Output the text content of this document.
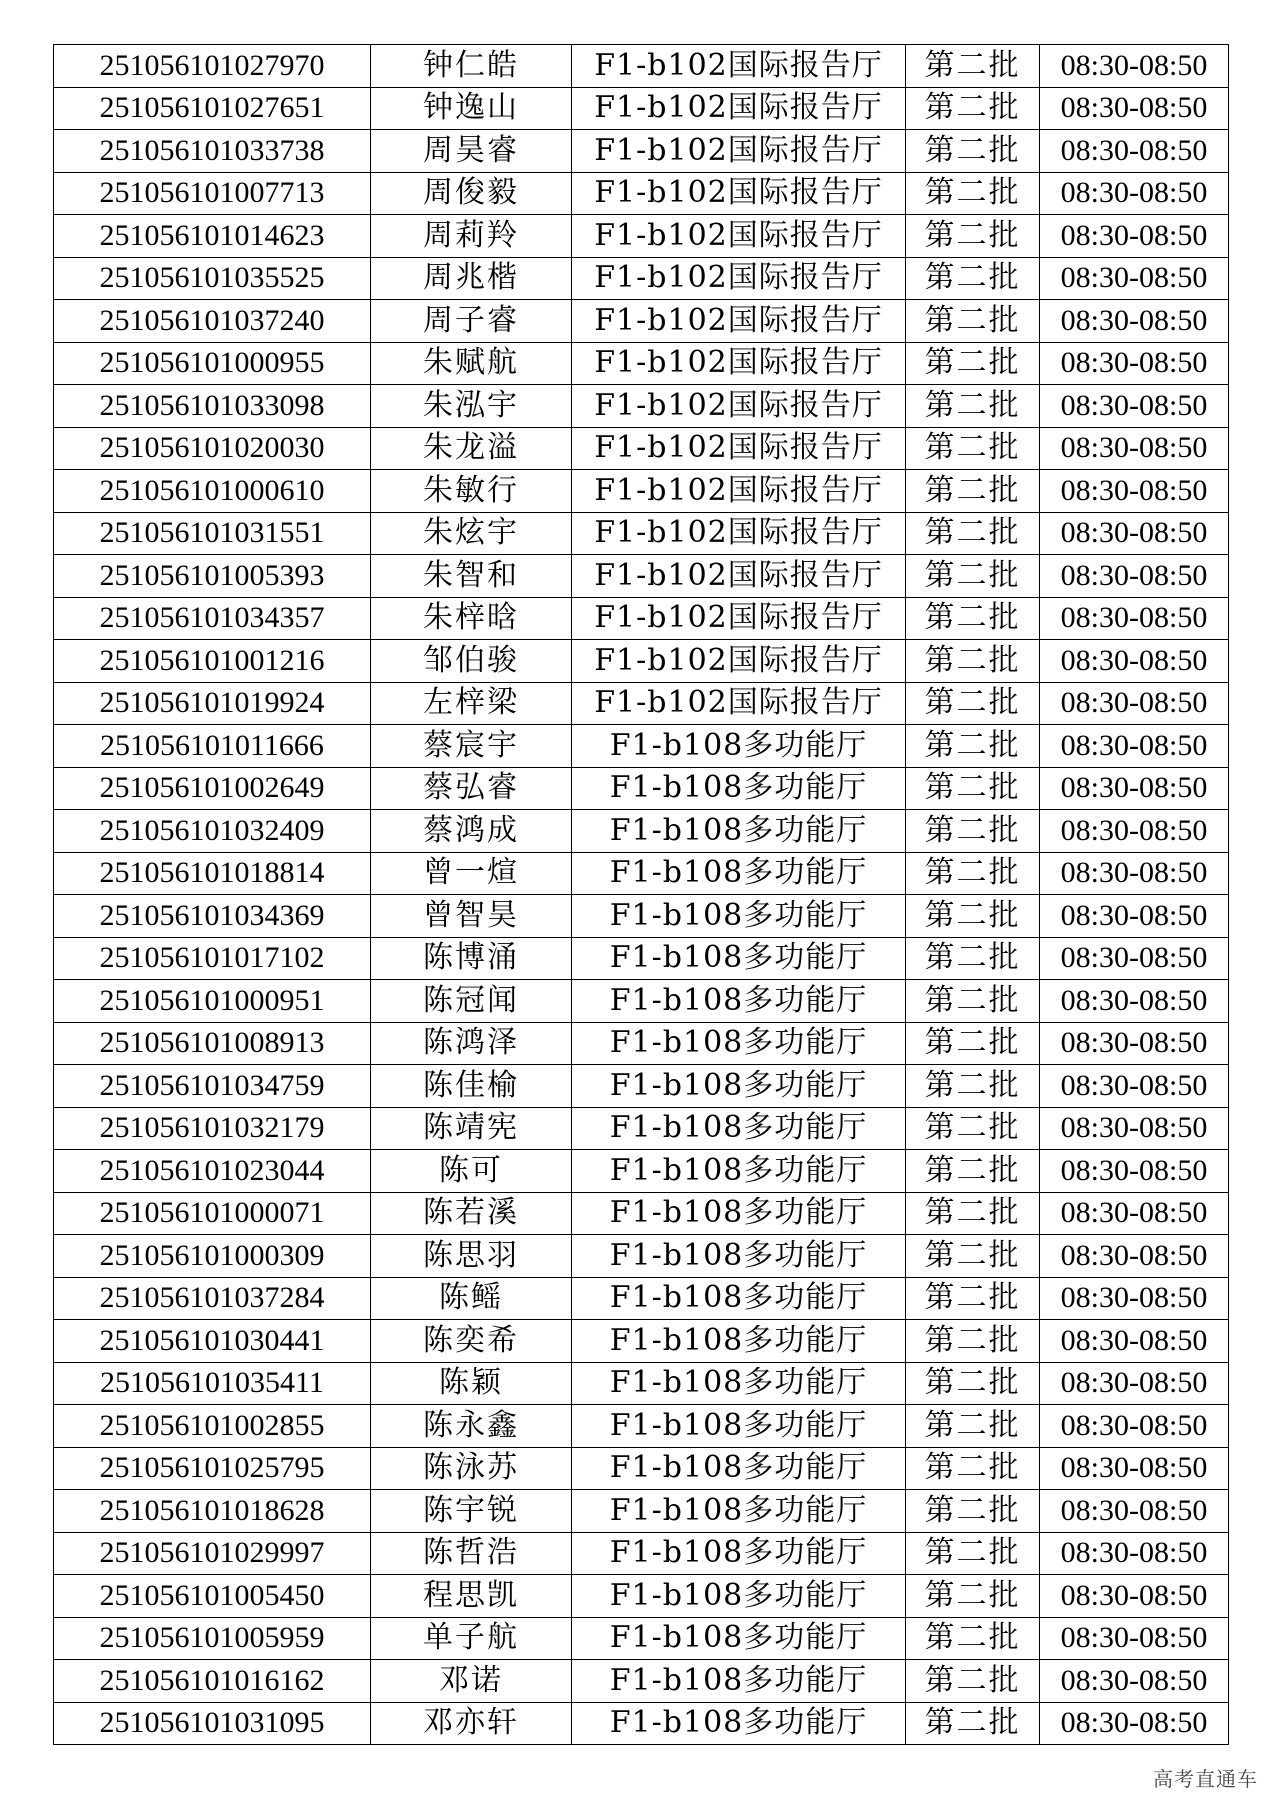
251056101027970	钟仁皓	F1-b102国际报告厅	第二批	08:30-08:50
251056101027651	钟逸山	F1-b102国际报告厅	第二批	08:30-08:50
251056101033738	周昊睿	F1-b102国际报告厅	第二批	08:30-08:50
251056101007713	周俊毅	F1-b102国际报告厅	第二批	08:30-08:50
251056101014623	周莉羚	F1-b102国际报告厅	第二批	08:30-08:50
251056101035525	周兆楷	F1-b102国际报告厅	第二批	08:30-08:50
251056101037240	周子睿	F1-b102国际报告厅	第二批	08:30-08:50
251056101000955	朱赋航	F1-b102国际报告厅	第二批	08:30-08:50
251056101033098	朱泓宇	F1-b102国际报告厅	第二批	08:30-08:50
251056101020030	朱龙溢	F1-b102国际报告厅	第二批	08:30-08:50
251056101000610	朱敏行	F1-b102国际报告厅	第二批	08:30-08:50
251056101031551	朱炫宇	F1-b102国际报告厅	第二批	08:30-08:50
251056101005393	朱智和	F1-b102国际报告厅	第二批	08:30-08:50
251056101034357	朱梓晗	F1-b102国际报告厅	第二批	08:30-08:50
251056101001216	邹伯骏	F1-b102国际报告厅	第二批	08:30-08:50
251056101019924	左梓梁	F1-b102国际报告厅	第二批	08:30-08:50
251056101011666	蔡宸宇	F1-b108多功能厅	第二批	08:30-08:50
251056101002649	蔡弘睿	F1-b108多功能厅	第二批	08:30-08:50
251056101032409	蔡鸿成	F1-b108多功能厅	第二批	08:30-08:50
251056101018814	曾一煊	F1-b108多功能厅	第二批	08:30-08:50
251056101034369	曾智昊	F1-b108多功能厅	第二批	08:30-08:50
251056101017102	陈博涌	F1-b108多功能厅	第二批	08:30-08:50
251056101000951	陈冠闻	F1-b108多功能厅	第二批	08:30-08:50
251056101008913	陈鸿泽	F1-b108多功能厅	第二批	08:30-08:50
251056101034759	陈佳榆	F1-b108多功能厅	第二批	08:30-08:50
251056101032179	陈靖宪	F1-b108多功能厅	第二批	08:30-08:50
251056101023044	陈可	F1-b108多功能厅	第二批	08:30-08:50
251056101000071	陈若溪	F1-b108多功能厅	第二批	08:30-08:50
251056101000309	陈思羽	F1-b108多功能厅	第二批	08:30-08:50
251056101037284	陈鳐	F1-b108多功能厅	第二批	08:30-08:50
251056101030441	陈奕希	F1-b108多功能厅	第二批	08:30-08:50
251056101035411	陈颖	F1-b108多功能厅	第二批	08:30-08:50
251056101002855	陈永鑫	F1-b108多功能厅	第二批	08:30-08:50
251056101025795	陈泳苏	F1-b108多功能厅	第二批	08:30-08:50
251056101018628	陈宇锐	F1-b108多功能厅	第二批	08:30-08:50
251056101029997	陈哲浩	F1-b108多功能厅	第二批	08:30-08:50
251056101005450	程思凯	F1-b108多功能厅	第二批	08:30-08:50
251056101005959	单子航	F1-b108多功能厅	第二批	08:30-08:50
251056101016162	邓诺	F1-b108多功能厅	第二批	08:30-08:50
251056101031095	邓亦轩	F1-b108多功能厅	第二批	08:30-08:50
高考直通车
